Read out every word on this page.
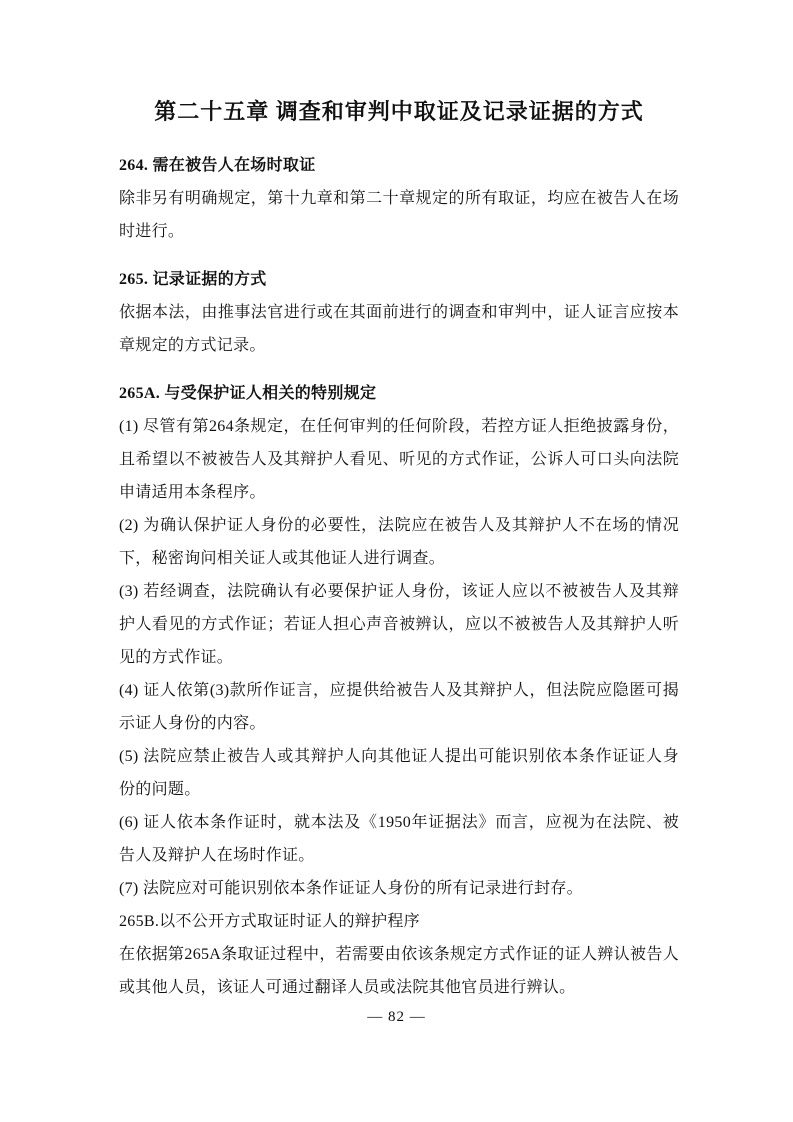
第二十五章 调查和审判中取证及记录证据的方式
264. 需在被告人在场时取证

除非另有明确规定，第十九章和第二十章规定的所有取证，均应在被告人在场时进行。

265. 记录证据的方式

依据本法，由推事法官进行或在其面前进行的调查和审判中，证人证言应按本章规定的方式记录。

265A. 与受保护证人相关的特别规定

(1) 尽管有第264条规定，在任何审判的任何阶段，若控方证人拒绝披露身份，且希望以不被被告人及其辩护人看见、听见的方式作证，公诉人可口头向法院申请适用本条程序。

(2) 为确认保护证人身份的必要性，法院应在被告人及其辩护人不在场的情况下，秘密询问相关证人或其他证人进行调查。

(3) 若经调查，法院确认有必要保护证人身份，该证人应以不被被告人及其辩护人看见的方式作证；若证人担心声音被辨认，应以不被被告人及其辩护人听见的方式作证。

(4) 证人依第(3)款所作证言，应提供给被告人及其辩护人，但法院应隐匿可揭示证人身份的内容。

(5) 法院应禁止被告人或其辩护人向其他证人提出可能识别依本条作证证人身份的问题。

(6) 证人依本条作证时，就本法及《1950年证据法》而言，应视为在法院、被告人及辩护人在场时作证。

(7) 法院应对可能识别依本条作证证人身份的所有记录进行封存。

265B.以不公开方式取证时证人的辩护程序

在依据第265A条取证过程中，若需要由依该条规定方式作证的证人辨认被告人或其他人员，该证人可通过翻译人员或法院其他官员进行辨认。

— 82 —
